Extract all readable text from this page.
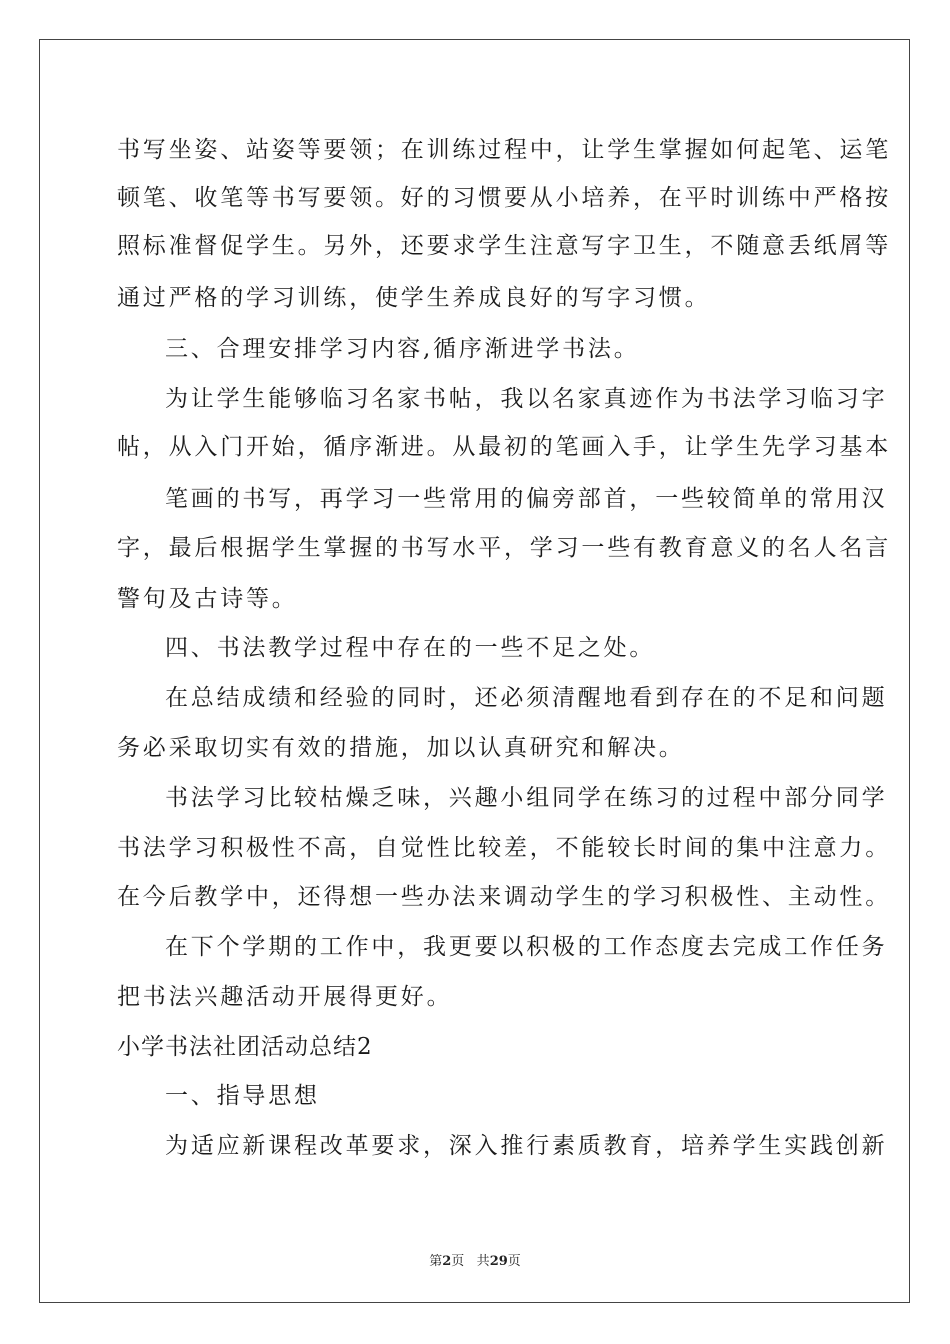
书写坐姿、站姿等要领；在训练过程中，让学生掌握如何起笔、运笔
顿笔、收笔等书写要领。好的习惯要从小培养，在平时训练中严格按
照标准督促学生。另外，还要求学生注意写字卫生，不随意丢纸屑等
通过严格的学习训练，使学生养成良好的写字习惯。
三、合理安排学习内容,循序渐进学书法。
为让学生能够临习名家书帖，我以名家真迹作为书法学习临习字
帖，从入门开始，循序渐进。从最初的笔画入手，让学生先学习基本
笔画的书写，再学习一些常用的偏旁部首，一些较简单的常用汉
字，最后根据学生掌握的书写水平，学习一些有教育意义的名人名言
警句及古诗等。
四、书法教学过程中存在的一些不足之处。
在总结成绩和经验的同时，还必须清醒地看到存在的不足和问题
务必采取切实有效的措施，加以认真研究和解决。
书法学习比较枯燥乏味，兴趣小组同学在练习的过程中部分同学
书法学习积极性不高，自觉性比较差，不能较长时间的集中注意力。
在今后教学中，还得想一些办法来调动学生的学习积极性、主动性。
在下个学期的工作中，我更要以积极的工作态度去完成工作任务
把书法兴趣活动开展得更好。
小学书法社团活动总结2
一、指导思想
为适应新课程改革要求，深入推行素质教育，培养学生实践创新
第2页 共29页
